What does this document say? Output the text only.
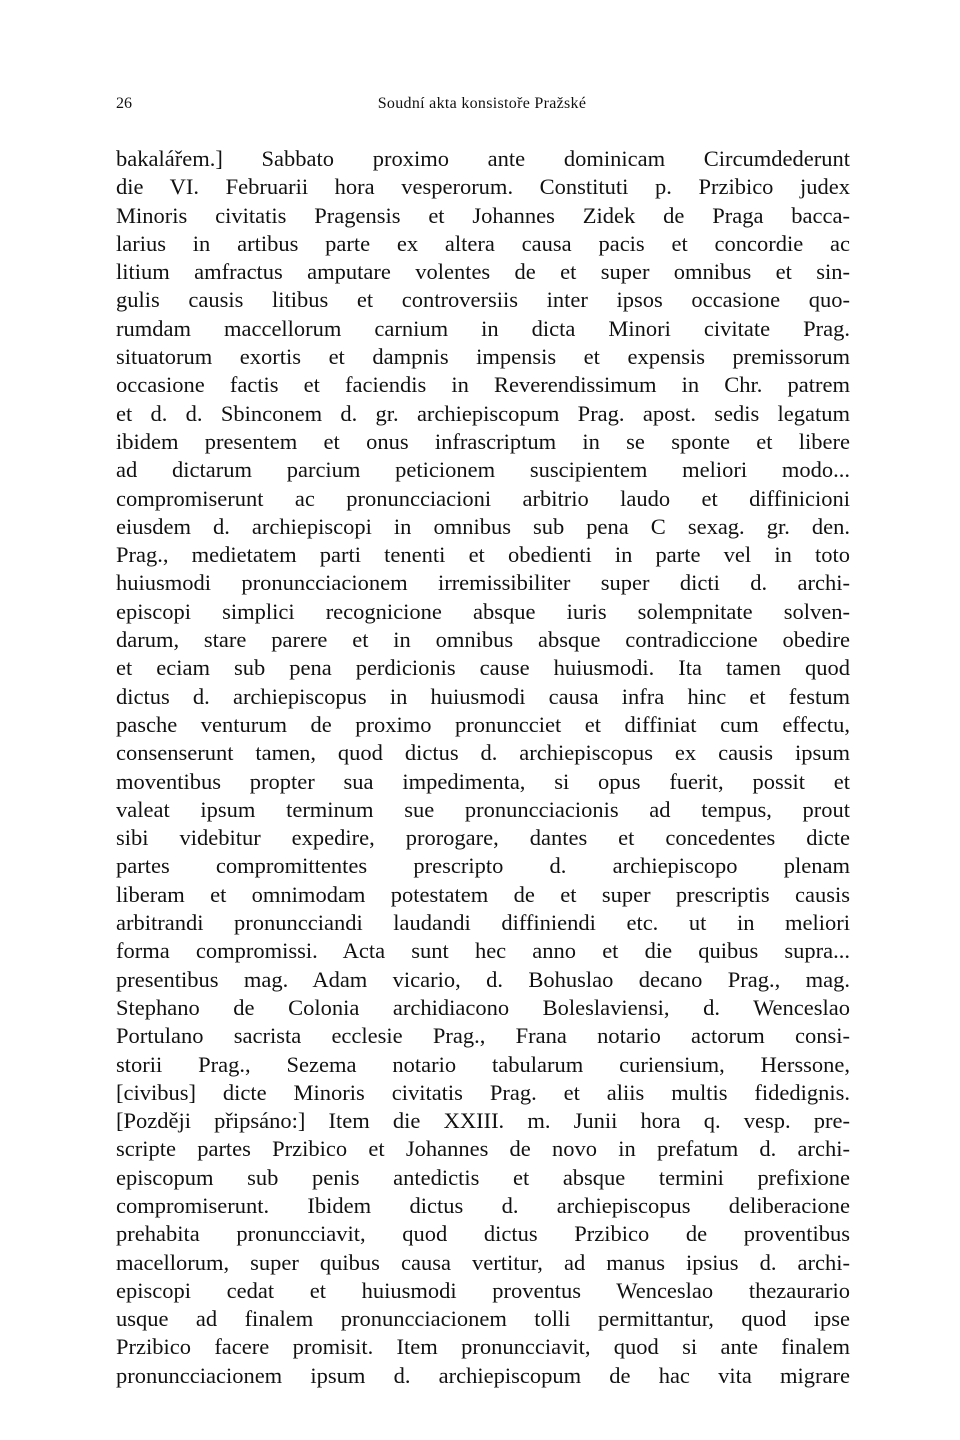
26	Soudní akta konsistoře Pražské
bakalářem.] Sabbato proximo ante dominicam Circumdederunt
die VI. Februarii hora vesperorum. Constituti p. Przibico judex
Minoris civitatis Pragensis et Johannes Zidek de Praga bacca-
larius in artibus parte ex altera causa pacis et concordie ac
litium amfractus amputare volentes de et super omnibus et sin-
gulis causis litibus et controversiis inter ipsos occasione quo-
rumdam maccellorum carnium in dicta Minori civitate Prag.
situatorum exortis et dampnis impensis et expensis premissorum
occasione factis et faciendis in Reverendissimum in Chr. patrem
et d. d. Sbinconem d. gr. archiepiscopum Prag. apost. sedis legatum
ibidem presentem et onus infrascriptum in se sponte et libere
ad dictarum parcium peticionem suscipientem meliori modo...
compromiserunt ac pronuncciacioni arbitrio laudo et diffinicioni
eiusdem d. archiepiscopi in omnibus sub pena C sexag. gr. den.
Prag., medietatem parti tenenti et obedienti in parte vel in toto
huiusmodi pronuncciacionem irremissibiliter super dicti d. archi-
episcopi simplici recognicione absque iuris solempnitate solven-
darum, stare parere et in omnibus absque contradiccione obedire
et eciam sub pena perdicionis cause huiusmodi. Ita tamen quod
dictus d. archiepiscopus in huiusmodi causa infra hinc et festum
pasche venturum de proximo pronuncciet et diffiniat cum effectu,
consenserunt tamen, quod dictus d. archiepiscopus ex causis ipsum
moventibus propter sua impedimenta, si opus fuerit, possit et
valeat ipsum terminum sue pronuncciacionis ad tempus, prout
sibi videbitur expedire, prorogare, dantes et concedentes dicte
partes compromittentes prescripto d. archiepiscopo plenam
liberam et omnimodam potestatem de et super prescriptis causis
arbitrandi pronuncciandi laudandi diffiniendi etc. ut in meliori
forma compromissi. Acta sunt hec anno et die quibus supra...
presentibus mag. Adam vicario, d. Bohuslao decano Prag., mag.
Stephano de Colonia archidiacono Boleslaviensi, d. Wenceslao
Portulano sacrista ecclesie Prag., Frana notario actorum consi-
storii Prag., Sezema notario tabularum curiensium, Herssone,
[civibus] dicte Minoris civitatis Prag. et aliis multis fidedignis.
[Později připsáno:] Item die XXIII. m. Junii hora q. vesp. pre-
scripte partes Przibico et Johannes de novo in prefatum d. archi-
episcopum sub penis antedictis et absque termini prefixione
compromiserunt. Ibidem dictus d. archiepiscopus deliberacione
prehabita pronuncciavit, quod dictus Przibico de proventibus
macellorum, super quibus causa vertitur, ad manus ipsius d. archi-
episcopi cedat et huiusmodi proventus Wenceslao thezaurario
usque ad finalem pronuncciacionem tolli permittantur, quod ipse
Przibico facere promisit. Item pronuncciavit, quod si ante finalem
pronuncciacionem ipsum d. archiepiscopum de hac vita migrare
